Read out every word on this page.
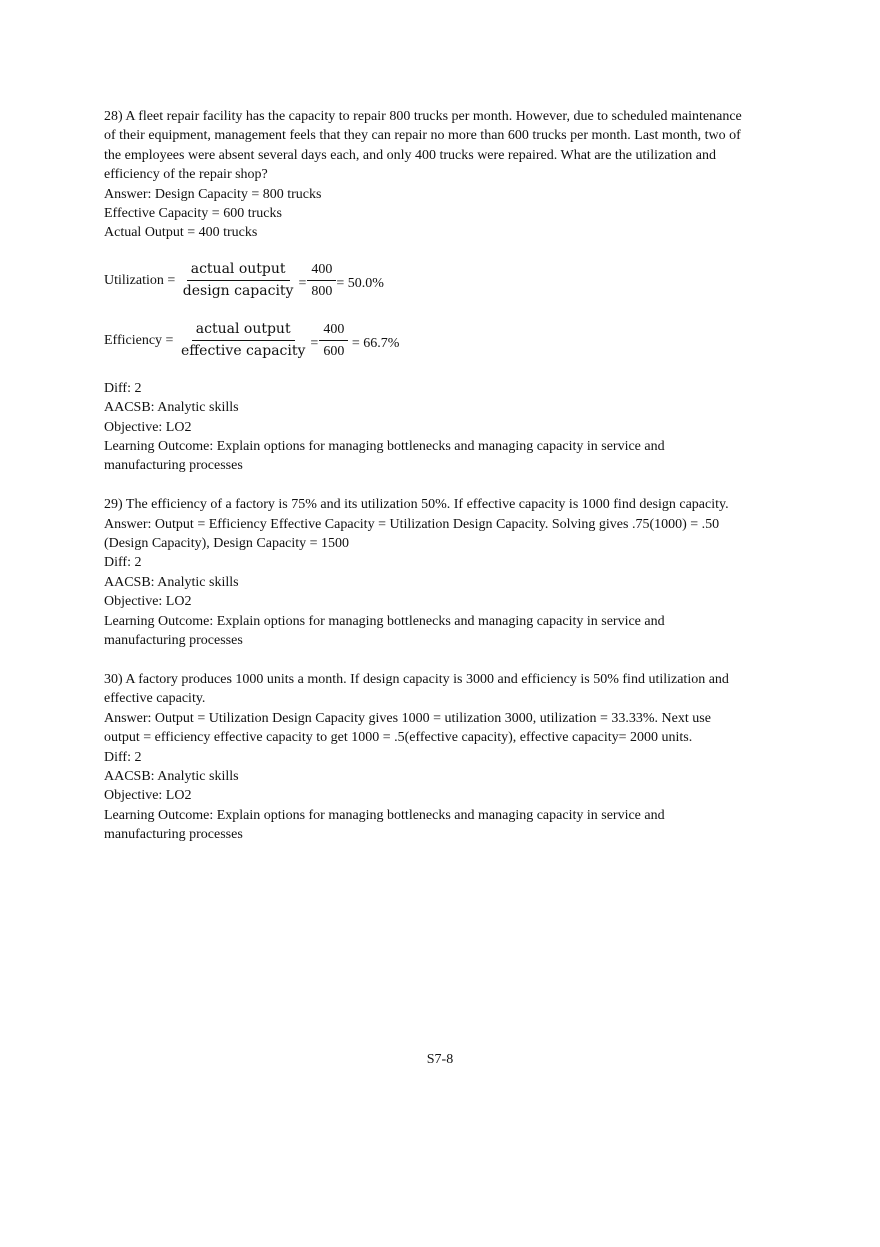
28) A fleet repair facility has the capacity to repair 800 trucks per month. However, due to scheduled maintenance of their equipment, management feels that they can repair no more than 600 trucks per month. Last month, two of the employees were absent several days each, and only 400 trucks were repaired. What are the utilization and efficiency of the repair shop?
Answer: Design Capacity = 800 trucks
Effective Capacity = 600 trucks
Actual Output = 400 trucks
Utilization = $\frac{\text{actual output}}{\text{design capacity}} = \frac{400}{800} = 50.0\%$
Efficiency = $\frac{\text{actual output}}{\text{effective capacity}} = \frac{400}{600} = 66.7\%$
Diff: 2
AACSB: Analytic skills
Objective: LO2
Learning Outcome: Explain options for managing bottlenecks and managing capacity in service and manufacturing processes
29) The efficiency of a factory is 75% and its utilization 50%. If effective capacity is 1000 find design capacity.
Answer: Output = Efficiency Effective Capacity = Utilization Design Capacity. Solving gives .75(1000) = .50 (Design Capacity), Design Capacity = 1500
Diff: 2
AACSB: Analytic skills
Objective: LO2
Learning Outcome: Explain options for managing bottlenecks and managing capacity in service and manufacturing processes
30) A factory produces 1000 units a month. If design capacity is 3000 and efficiency is 50% find utilization and effective capacity.
Answer: Output = Utilization Design Capacity gives 1000 = utilization 3000, utilization = 33.33%. Next use output = efficiency effective capacity to get 1000 = .5(effective capacity), effective capacity= 2000 units.
Diff: 2
AACSB: Analytic skills
Objective: LO2
Learning Outcome: Explain options for managing bottlenecks and managing capacity in service and manufacturing processes
S7-8
